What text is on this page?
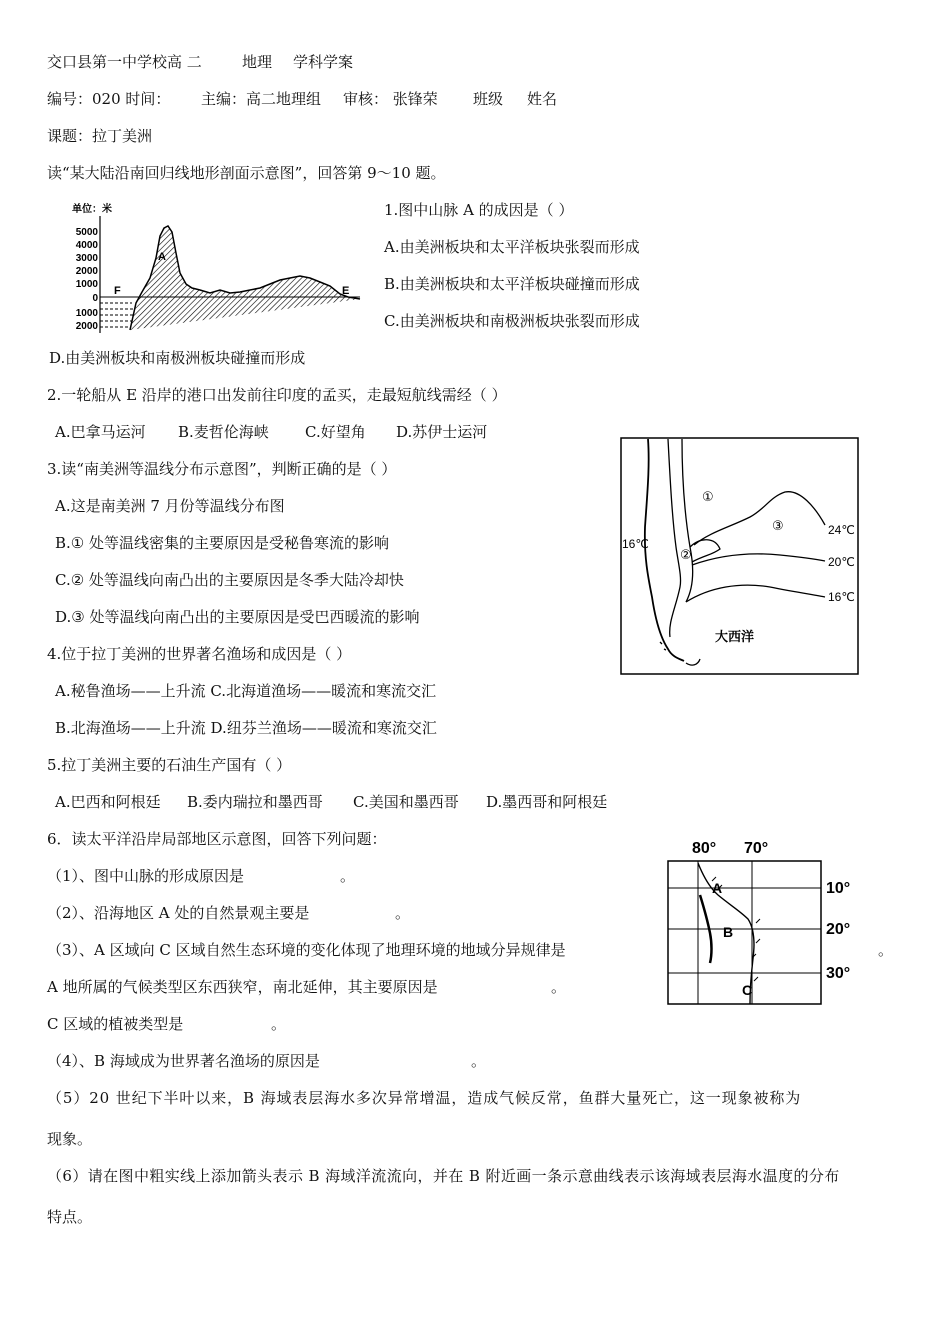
交口县第一中学校高 二	地理 学科学案
编号：020 时间： 主编：高二地理组 审核： 张锋荣 班级 姓名
课题：拉丁美洲
读“某大陆沿南回归线地形剖面示意图”，回答第 9～10 题。
单位：米
5000
4000
3000
2000
1000
0
1000
2000
A
F	E
1.图中山脉 A 的成因是（ ）
A.由美洲板块和太平洋板块张裂而形成
B.由美洲板块和太平洋板块碰撞而形成
C.由美洲板块和南极洲板块张裂而形成
D.由美洲板块和南极洲板块碰撞而形成
2.一轮船从 E 沿岸的港口出发前往印度的孟买，走最短航线需经（ ）
A.巴拿马运河 B.麦哲伦海峡 C.好望角 D.苏伊士运河
3.读“南美洲等温线分布示意图”，判断正确的是（ ）
A.这是南美洲 7 月份等温线分布图
B.① 处等温线密集的主要原因是受秘鲁寒流的影响
C.② 处等温线向南凸出的主要原因是冬季大陆冷却快
D.③ 处等温线向南凸出的主要原因是受巴西暖流的影响
①
②
③	24℃
20℃
16℃
16℃
大西洋
4.位于拉丁美洲的世界著名渔场和成因是（ ）
A.秘鲁渔场——上升流 C.北海道渔场——暖流和寒流交汇
B.北海渔场——上升流 D.纽芬兰渔场——暖流和寒流交汇
5.拉丁美洲主要的石油生产国有（ ）
A.巴西和阿根廷 B.委内瑞拉和墨西哥 C.美国和墨西哥 D.墨西哥和阿根廷
6．读太平洋沿岸局部地区示意图，回答下列问题：
（1）、图中山脉的形成原因是	。
（2）、沿海地区 A 处的自然景观主要是	。
（3）、A 区域向 C 区域自然生态环境的变化体现了地理环境的地域分异规律是	。
A 地所属的气候类型区东西狭窄，南北延伸，其主要原因是	。
C 区域的植被类型是	。
（4）、B 海域成为世界著名渔场的原因是	。
（5）20 世纪下半叶以来，B 海域表层海水多次异常增温，造成气候反常，鱼群大量死亡，这一现象被称为
现象。
（6）请在图中粗实线上添加箭头表示 B 海域洋流流向，并在 B 附近画一条示意曲线表示该海域表层海水温度的分布
特点。
80° 70°
A
B
C
10°
20°
30°
